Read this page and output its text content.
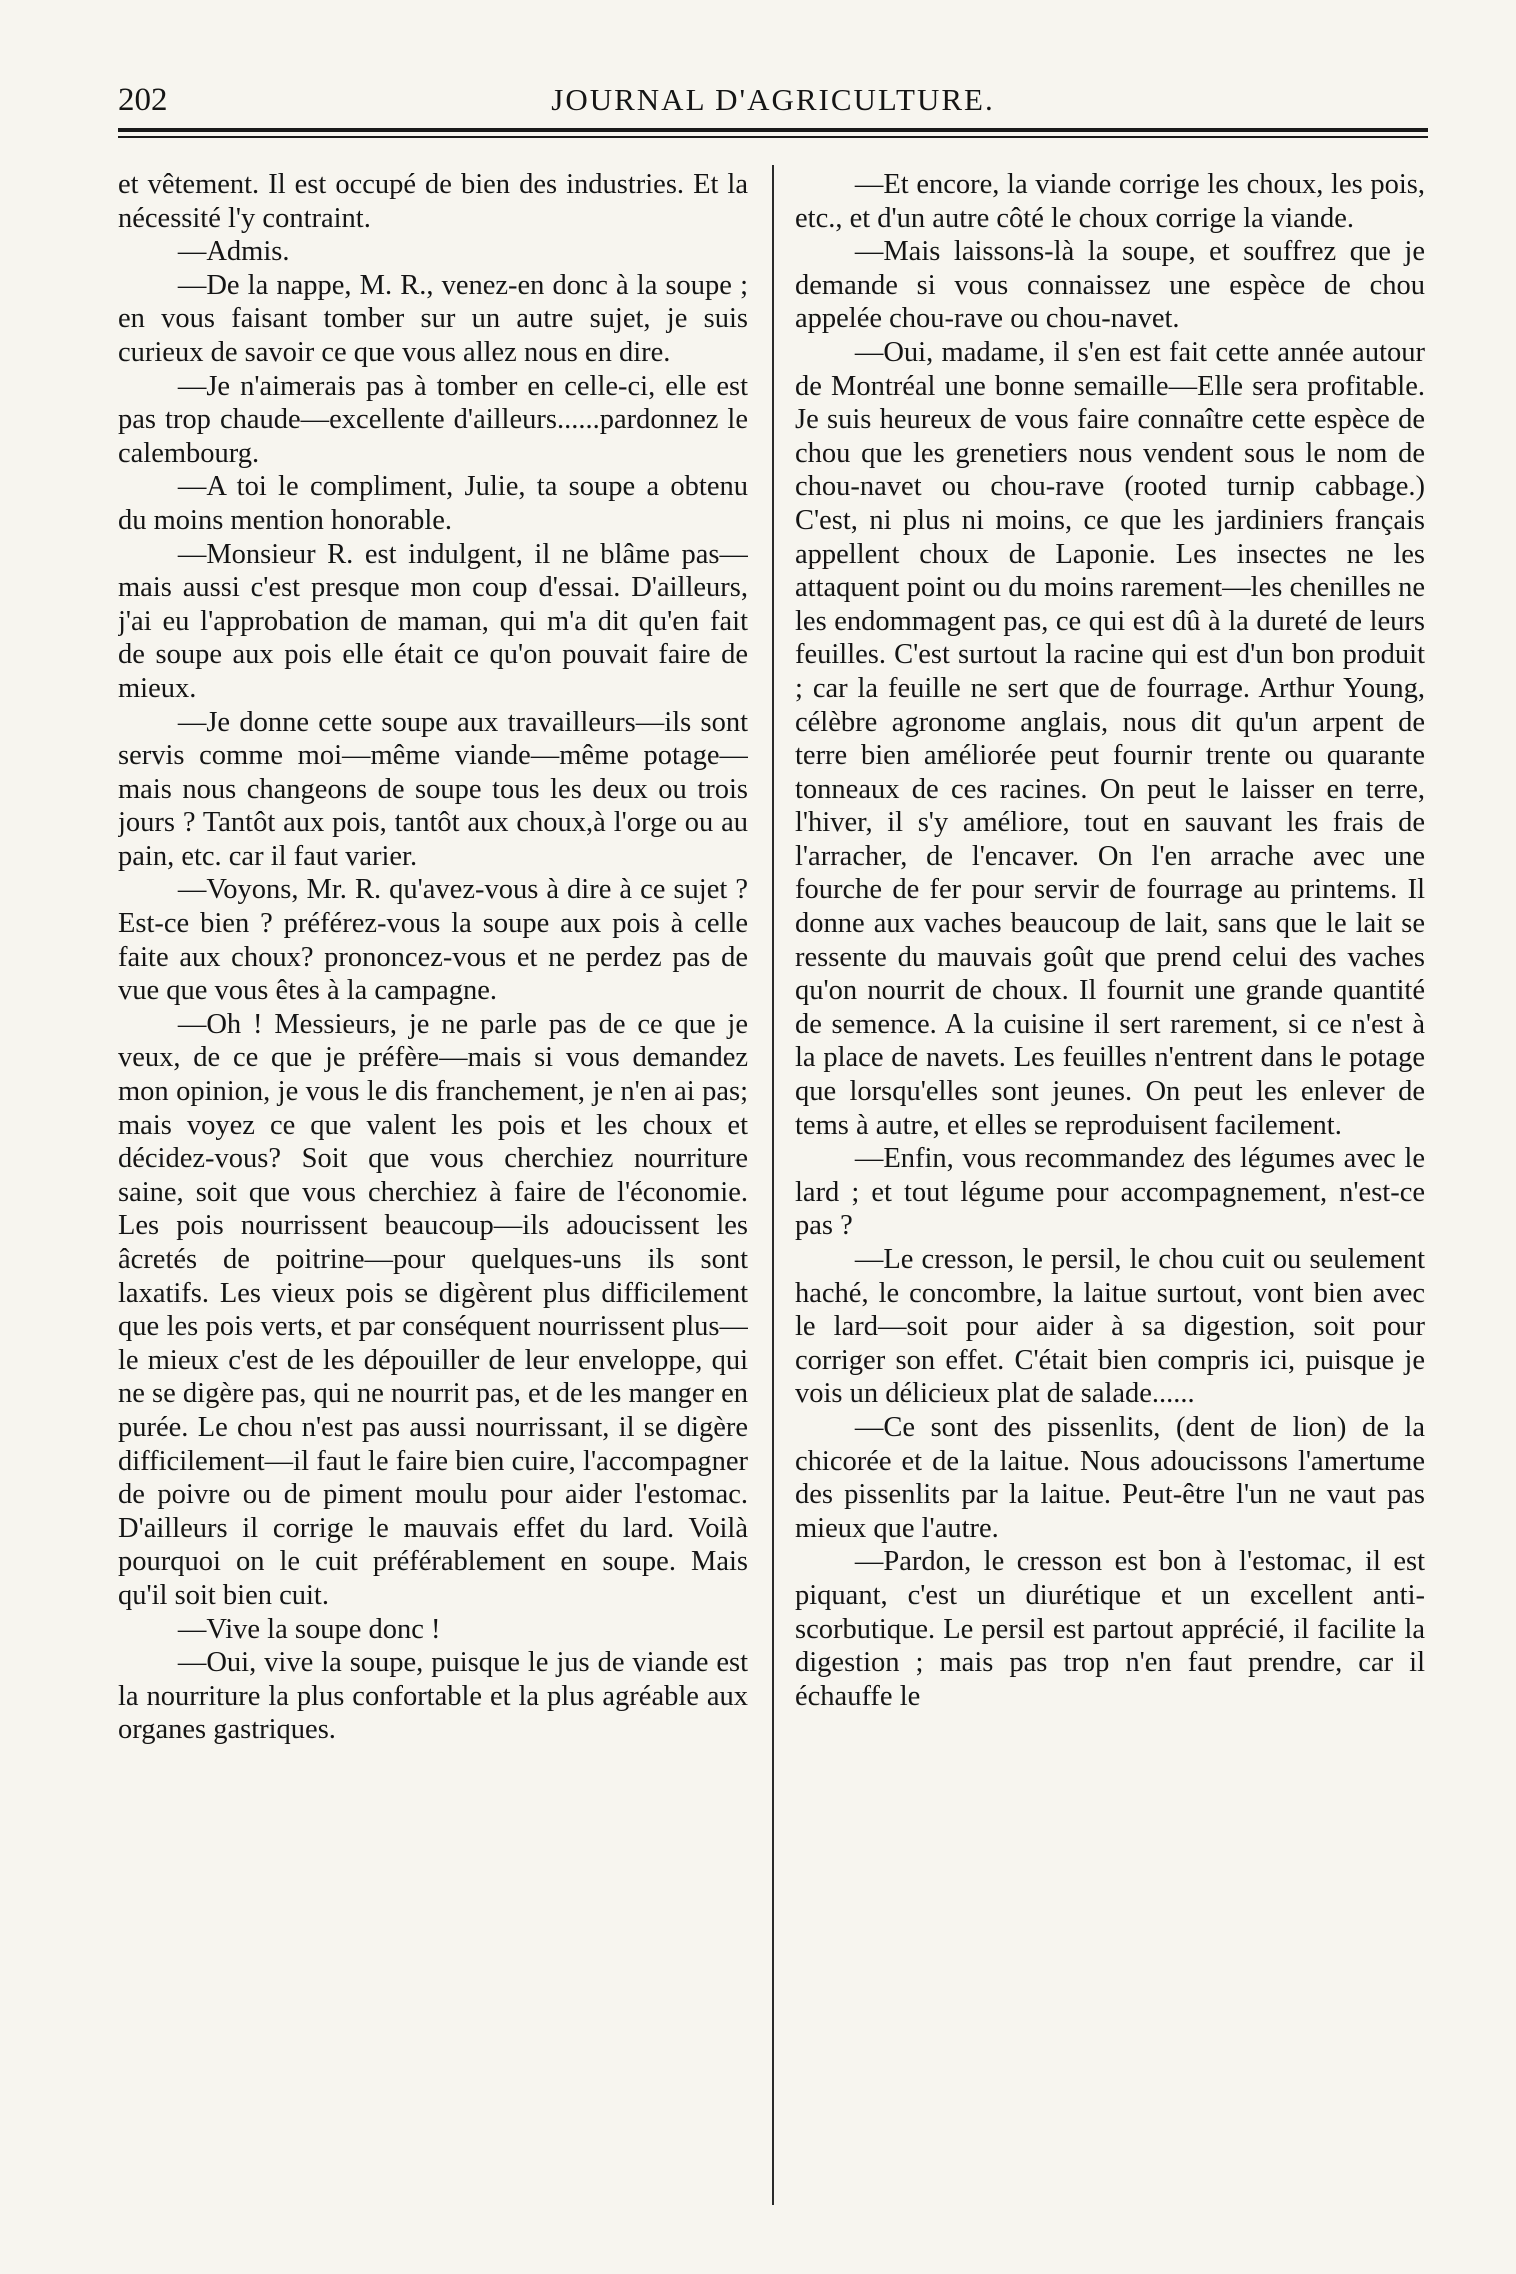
202	JOURNAL D'AGRICULTURE.

et vêtement. Il est occupé de bien des industries. Et la nécessité l'y contraint.

—Admis.

—De la nappe, M. R., venez-en donc à la soupe ; en vous faisant tomber sur un autre sujet, je suis curieux de savoir ce que vous allez nous en dire.

—Je n'aimerais pas à tomber en celle-ci, elle est pas trop chaude—excellente d'ailleurs......pardonnez le calembourg.

—A toi le compliment, Julie, ta soupe a obtenu du moins mention honorable.

—Monsieur R. est indulgent, il ne blâme pas—mais aussi c'est presque mon coup d'essai. D'ailleurs, j'ai eu l'approbation de maman, qui m'a dit qu'en fait de soupe aux pois elle était ce qu'on pouvait faire de mieux.

—Je donne cette soupe aux travailleurs—ils sont servis comme moi—même viande—même potage—mais nous changeons de soupe tous les deux ou trois jours ? Tantôt aux pois, tantôt aux choux,à l'orge ou au pain, etc. car il faut varier.

—Voyons, Mr. R. qu'avez-vous à dire à ce sujet ? Est-ce bien ? préférez-vous la soupe aux pois à celle faite aux choux? prononcez-vous et ne perdez pas de vue que vous êtes à la campagne.

—Oh ! Messieurs, je ne parle pas de ce que je veux, de ce que je préfère—mais si vous demandez mon opinion, je vous le dis franchement, je n'en ai pas; mais voyez ce que valent les pois et les choux et décidez-vous? Soit que vous cherchiez nourriture saine, soit que vous cherchiez à faire de l'économie. Les pois nourrissent beaucoup—ils adoucissent les âcretés de poitrine—pour quelques-uns ils sont laxatifs. Les vieux pois se digèrent plus difficilement que les pois verts, et par conséquent nourrissent plus—le mieux c'est de les dépouiller de leur enveloppe, qui ne se digère pas, qui ne nourrit pas, et de les manger en purée. Le chou n'est pas aussi nourrissant, il se digère difficilement—il faut le faire bien cuire, l'accompagner de poivre ou de piment moulu pour aider l'estomac. D'ailleurs il corrige le mauvais effet du lard. Voilà pourquoi on le cuit préférablement en soupe. Mais qu'il soit bien cuit.

—Vive la soupe donc !

—Oui, vive la soupe, puisque le jus de viande est la nourriture la plus confortable et la plus agréable aux organes gastriques.

—Et encore, la viande corrige les choux, les pois, etc., et d'un autre côté le choux corrige la viande.

—Mais laissons-là la soupe, et souffrez que je demande si vous connaissez une espèce de chou appelée chou-rave ou chou-navet.

—Oui, madame, il s'en est fait cette année autour de Montréal une bonne semaille—Elle sera profitable. Je suis heureux de vous faire connaître cette espèce de chou que les grenetiers nous vendent sous le nom de chou-navet ou chou-rave (rooted turnip cabbage.) C'est, ni plus ni moins, ce que les jardiniers français appellent choux de Laponie. Les insectes ne les attaquent point ou du moins rarement—les chenilles ne les endommagent pas, ce qui est dû à la dureté de leurs feuilles. C'est surtout la racine qui est d'un bon produit ; car la feuille ne sert que de fourrage. Arthur Young, célèbre agronome anglais, nous dit qu'un arpent de terre bien améliorée peut fournir trente ou quarante tonneaux de ces racines. On peut le laisser en terre, l'hiver, il s'y améliore, tout en sauvant les frais de l'arracher, de l'encaver. On l'en arrache avec une fourche de fer pour servir de fourrage au printems. Il donne aux vaches beaucoup de lait, sans que le lait se ressente du mauvais goût que prend celui des vaches qu'on nourrit de choux. Il fournit une grande quantité de semence. A la cuisine il sert rarement, si ce n'est à la place de navets. Les feuilles n'entrent dans le potage que lorsqu'elles sont jeunes. On peut les enlever de tems à autre, et elles se reproduisent facilement.

—Enfin, vous recommandez des légumes avec le lard ; et tout légume pour accompagnement, n'est-ce pas ?

—Le cresson, le persil, le chou cuit ou seulement haché, le concombre, la laitue surtout, vont bien avec le lard—soit pour aider à sa digestion, soit pour corriger son effet. C'était bien compris ici, puisque je vois un délicieux plat de salade......

—Ce sont des pissenlits, (dent de lion) de la chicorée et de la laitue. Nous adoucissons l'amertume des pissenlits par la laitue. Peut-être l'un ne vaut pas mieux que l'autre.

—Pardon, le cresson est bon à l'estomac, il est piquant, c'est un diurétique et un excellent anti-scorbutique. Le persil est partout apprécié, il facilite la digestion ; mais pas trop n'en faut prendre, car il échauffe le
